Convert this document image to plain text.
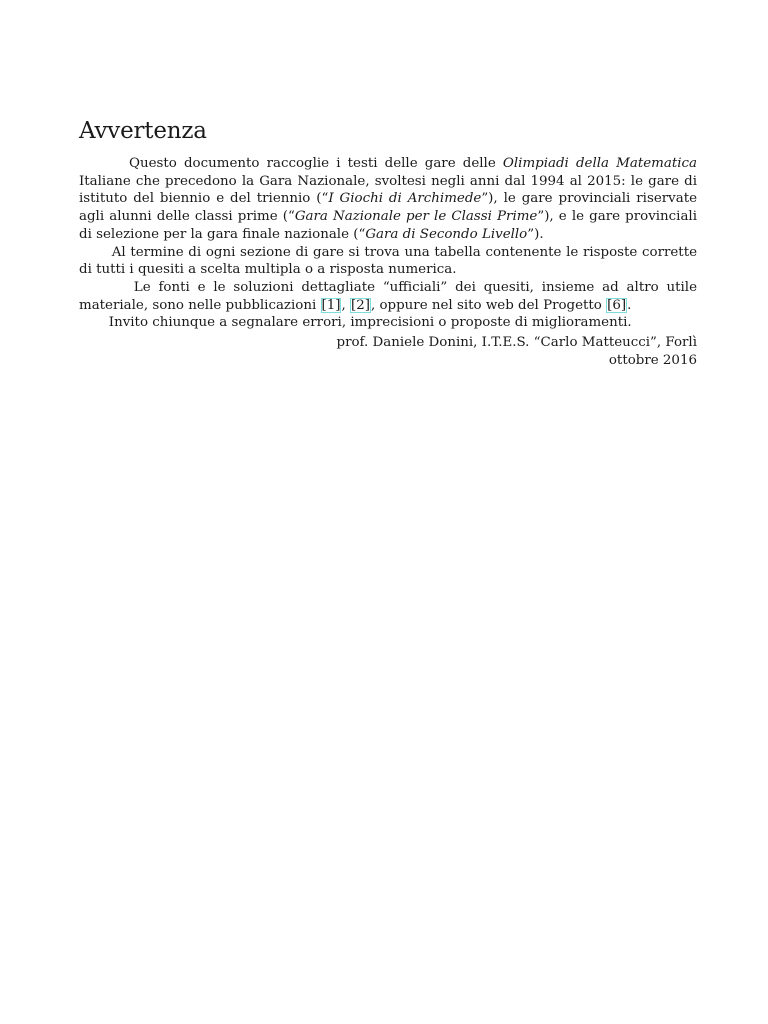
Avvertenza

Questo documento raccoglie i testi delle gare delle Olimpiadi della Matematica Italiane che precedono la Gara Nazionale, svoltesi negli anni dal 1994 al 2015: le gare di istituto del biennio e del triennio (“I Giochi di Archimede”), le gare provinciali riservate agli alunni delle classi prime (“Gara Nazionale per le Classi Prime”), e le gare provinciali di selezione per la gara finale nazionale (“Gara di Secondo Livello”).

Al termine di ogni sezione di gare si trova una tabella contenente le risposte corrette di tutti i quesiti a scelta multipla o a risposta numerica.

Le fonti e le soluzioni dettagliate “ufficiali” dei quesiti, insieme ad altro utile materiale, sono nelle pubblicazioni [1], [2], oppure nel sito web del Progetto [6].

Invito chiunque a segnalare errori, imprecisioni o proposte di miglioramenti.

prof. Daniele Donini, I.T.E.S. “Carlo Matteucci”, Forlì
ottobre 2016
